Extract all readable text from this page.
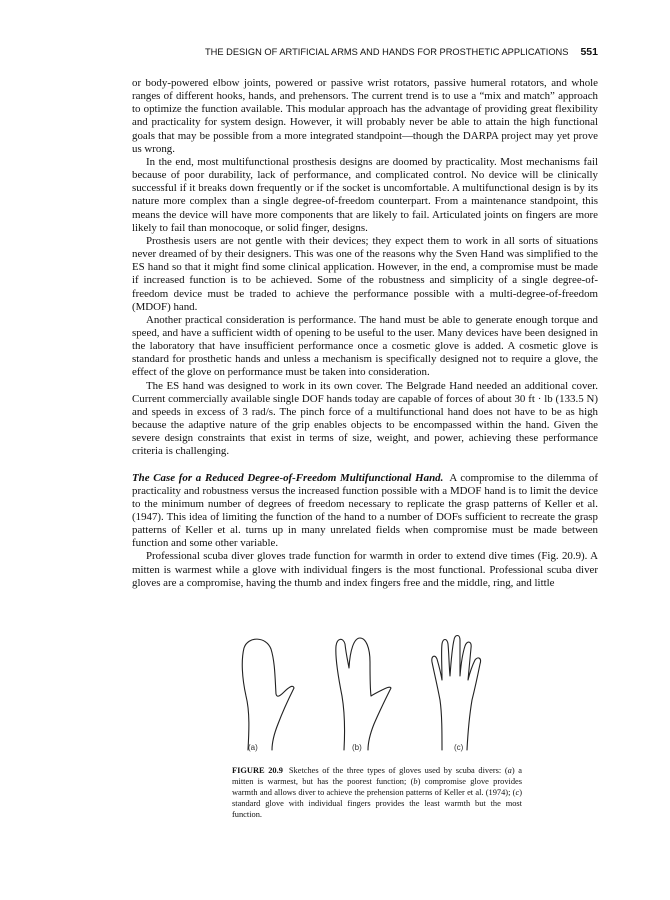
THE DESIGN OF ARTIFICIAL ARMS AND HANDS FOR PROSTHETIC APPLICATIONS 551

or body-powered elbow joints, powered or passive wrist rotators, passive humeral rotators, and whole ranges of different hooks, hands, and prehensors. The current trend is to use a “mix and match” approach to optimize the function available. This modular approach has the advantage of providing great flexibility and practicality for system design. However, it will probably never be able to attain the high functional goals that may be possible from a more integrated standpoint—though the DARPA project may yet prove us wrong.

In the end, most multifunctional prosthesis designs are doomed by practicality. Most mechanisms fail because of poor durability, lack of performance, and complicated control. No device will be clinically successful if it breaks down frequently or if the socket is uncomfortable. A multifunctional design is by its nature more complex than a single degree-of-freedom counterpart. From a maintenance standpoint, this means the device will have more components that are likely to fail. Articulated joints on fingers are more likely to fail than monocoque, or solid finger, designs.

Prosthesis users are not gentle with their devices; they expect them to work in all sorts of situations never dreamed of by their designers. This was one of the reasons why the Sven Hand was simplified to the ES hand so that it might find some clinical application. However, in the end, a compromise must be made if increased function is to be achieved. Some of the robustness and simplicity of a single degree-of-freedom device must be traded to achieve the performance possible with a multi-degree-of-freedom (MDOF) hand.

Another practical consideration is performance. The hand must be able to generate enough torque and speed, and have a sufficient width of opening to be useful to the user. Many devices have been designed in the laboratory that have insufficient performance once a cosmetic glove is added. A cosmetic glove is standard for prosthetic hands and unless a mechanism is specifically designed not to require a glove, the effect of the glove on performance must be taken into consideration.

The ES hand was designed to work in its own cover. The Belgrade Hand needed an additional cover. Current commercially available single DOF hands today are capable of forces of about 30 ft · lb (133.5 N) and speeds in excess of 3 rad/s. The pinch force of a multifunctional hand does not have to be as high because the adaptive nature of the grip enables objects to be encompassed within the hand. Given the severe design constraints that exist in terms of size, weight, and power, achieving these performance criteria is challenging.

The Case for a Reduced Degree-of-Freedom Multifunctional Hand. A compromise to the dilemma of practicality and robustness versus the increased function possible with a MDOF hand is to limit the device to the minimum number of degrees of freedom necessary to replicate the grasp patterns of Keller et al. (1947). This idea of limiting the function of the hand to a number of DOFs sufficient to recreate the grasp patterns of Keller et al. turns up in many unrelated fields when compromise must be made between function and some other variable.

Professional scuba diver gloves trade function for warmth in order to extend dive times (Fig. 20.9). A mitten is warmest while a glove with individual fingers is the most functional. Professional scuba diver gloves are a compromise, having the thumb and index fingers free and the middle, ring, and little

(a)	(b)	(c)
FIGURE 20.9 Sketches of the three types of gloves used by scuba divers: (a) a mitten is warmest, but has the poorest function; (b) compromise glove provides warmth and allows diver to achieve the prehension patterns of Keller et al. (1974); (c) standard glove with individual fingers provides the least warmth but the most function.
